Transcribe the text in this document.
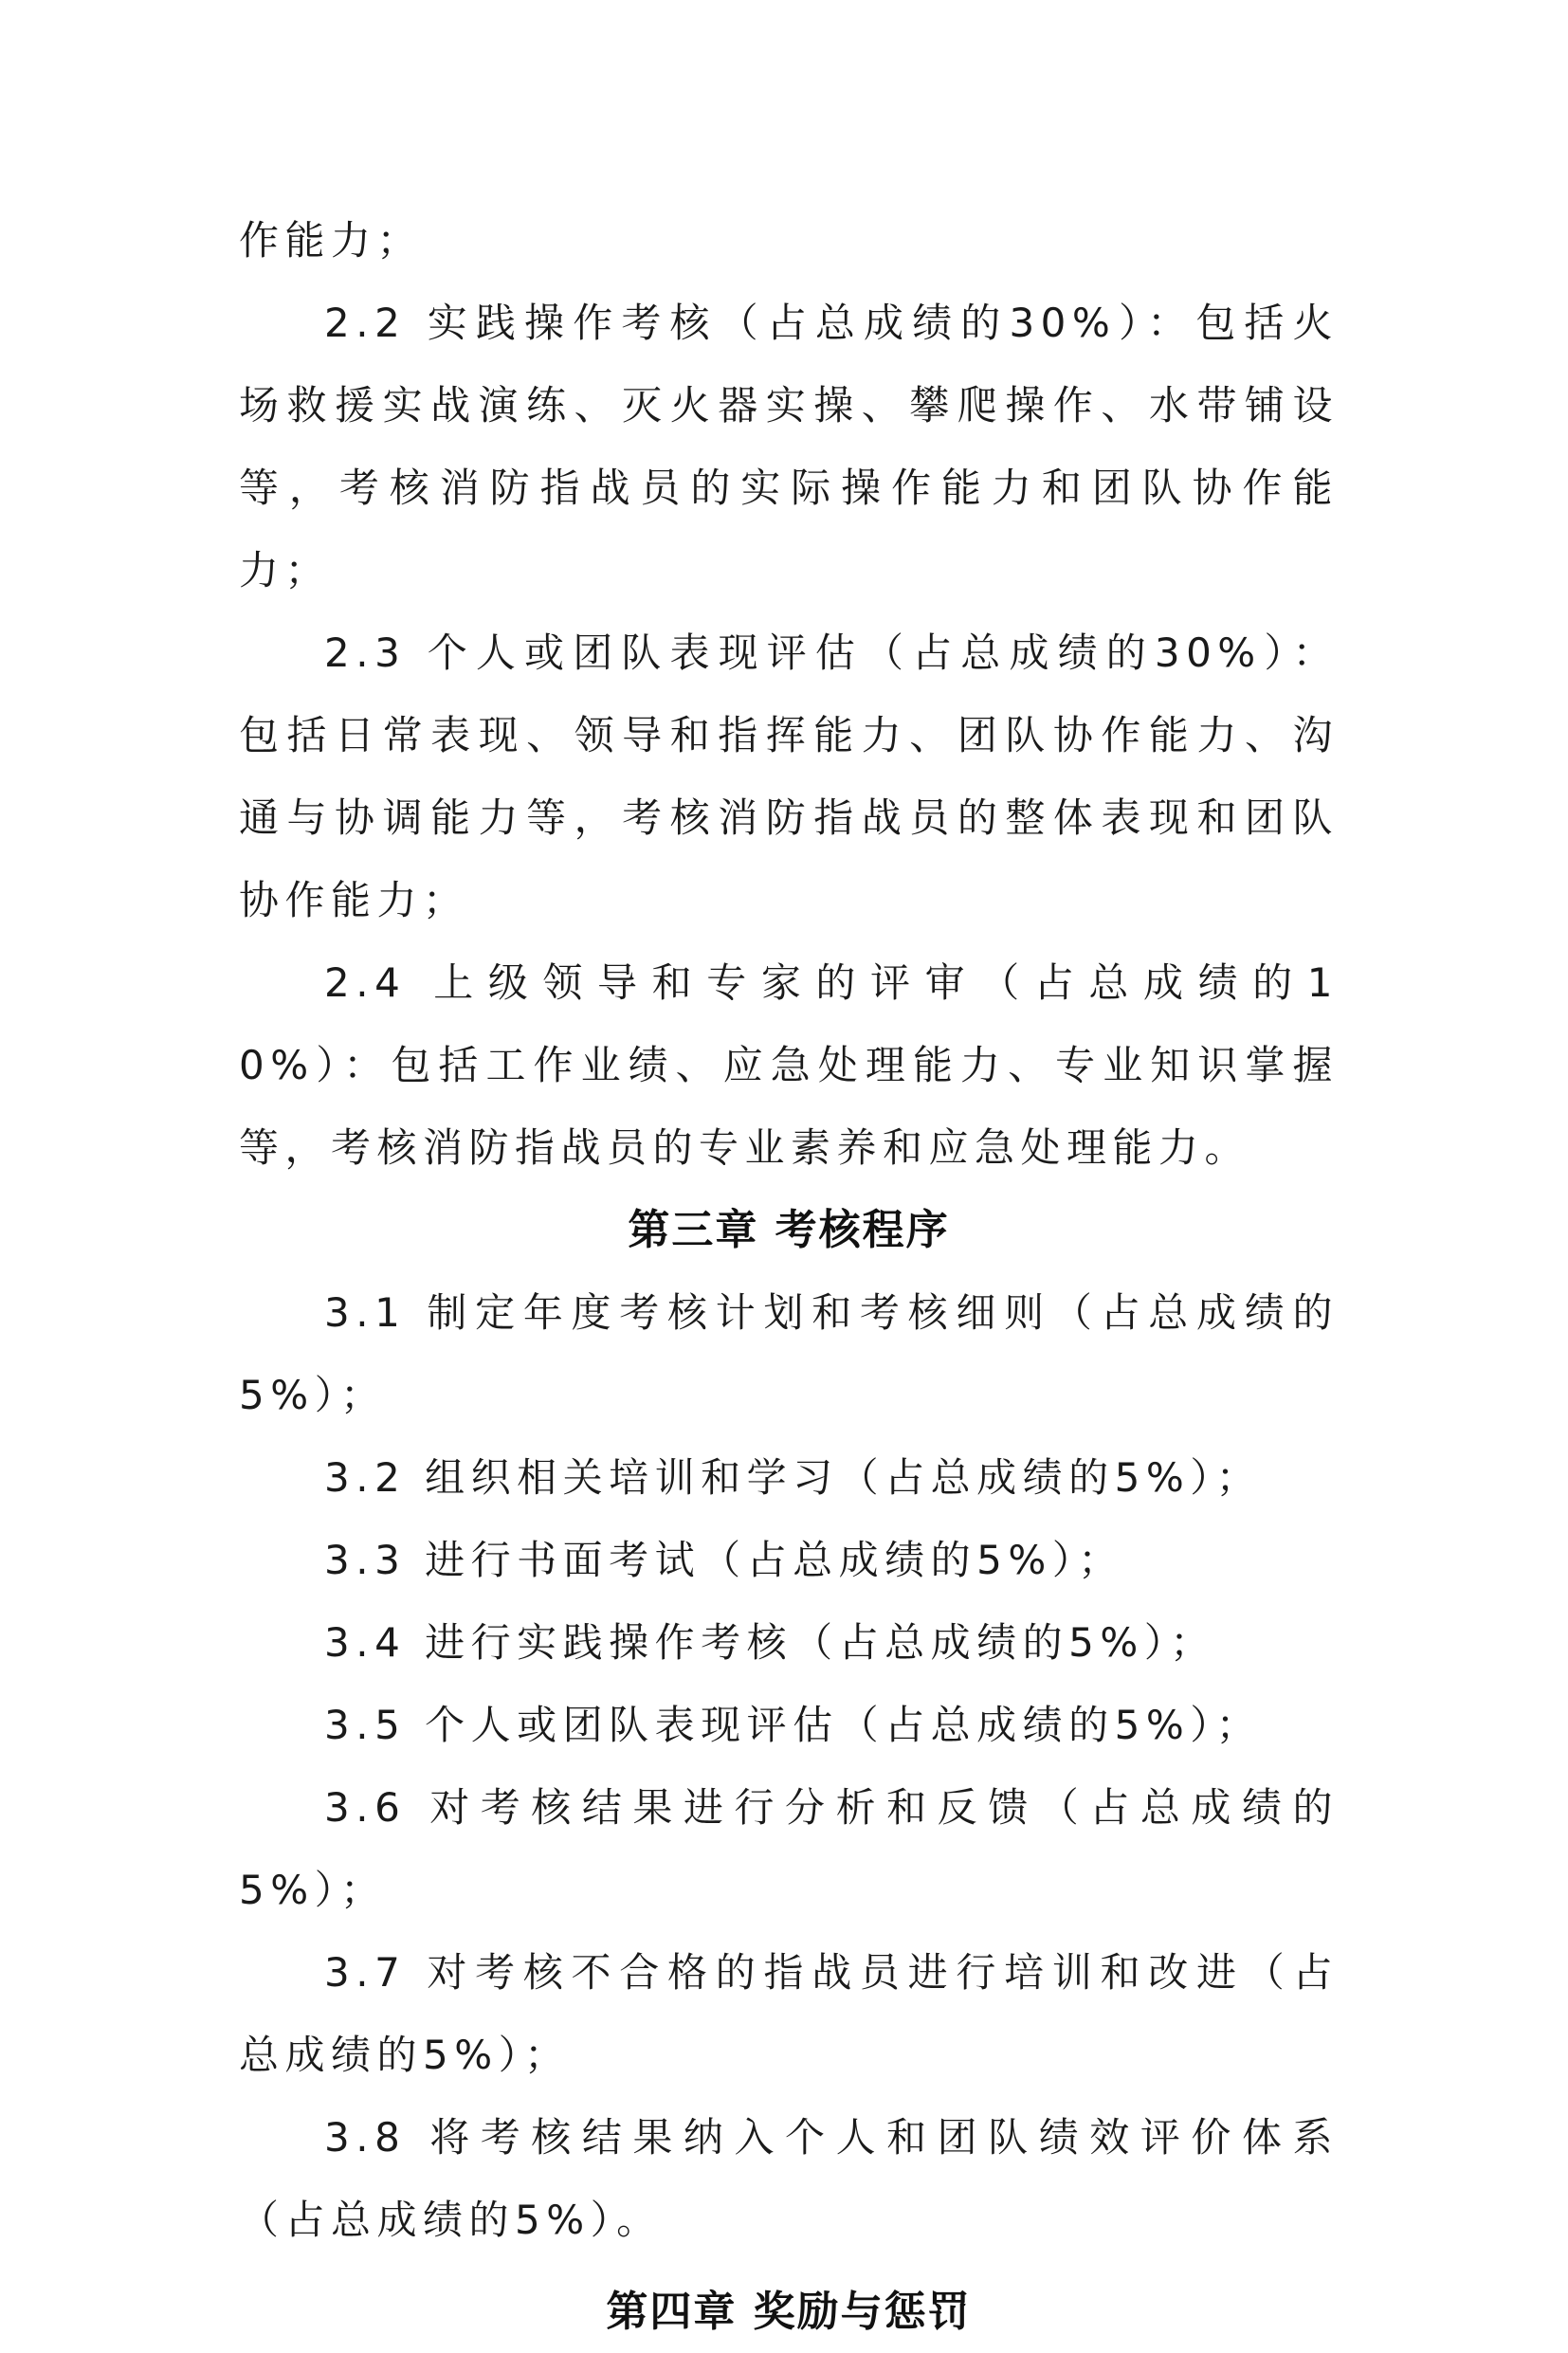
作能力；

2.2 实践操作考核（占总成绩的30%）：包括火场救援实战演练、灭火器实操、攀爬操作、水带铺设等，考核消防指战员的实际操作能力和团队协作能力；

2.3 个人或团队表现评估（占总成绩的30%）：包括日常表现、领导和指挥能力、团队协作能力、沟通与协调能力等，考核消防指战员的整体表现和团队协作能力；

2.4 上级领导和专家的评审（占总成绩的10%）：包括工作业绩、应急处理能力、专业知识掌握等，考核消防指战员的专业素养和应急处理能力。

第三章 考核程序

3.1 制定年度考核计划和考核细则（占总成绩的5%）；

3.2 组织相关培训和学习（占总成绩的5%）；

3.3 进行书面考试（占总成绩的5%）；

3.4 进行实践操作考核（占总成绩的5%）；

3.5 个人或团队表现评估（占总成绩的5%）；

3.6 对考核结果进行分析和反馈（占总成绩的5%）；

3.7 对考核不合格的指战员进行培训和改进（占总成绩的5%）；

3.8 将考核结果纳入个人和团队绩效评价体系（占总成绩的5%）。

第四章 奖励与惩罚
